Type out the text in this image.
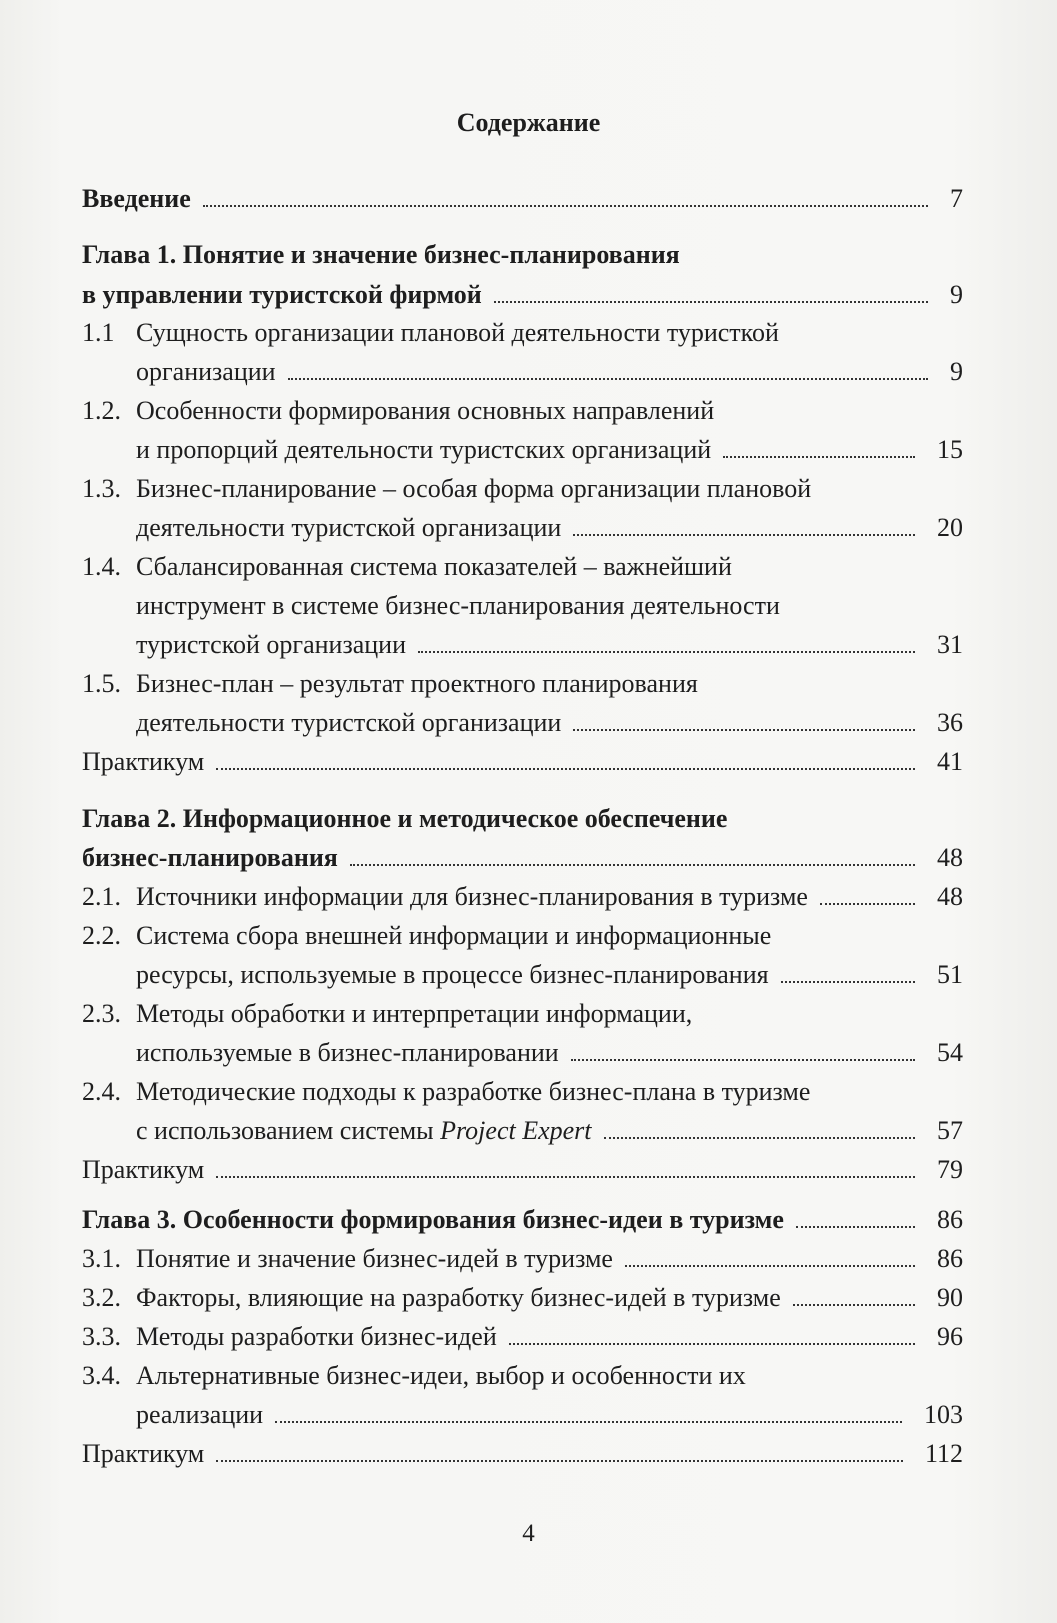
Содержание
Введение	7
Глава 1. Понятие и значение бизнес-планирования
в управлении туристской фирмой	9
1.1 Сущность организации плановой деятельности туристкой
организации	9
1.2. Особенности формирования основных направлений
и пропорций деятельности туристских организаций	15
1.3. Бизнес-планирование – особая форма организации плановой
деятельности туристской организации	20
1.4. Сбалансированная система показателей – важнейший
инструмент в системе бизнес-планирования деятельности
туристской организации	31
1.5. Бизнес-план – результат проектного планирования
деятельности туристской организации	36
Практикум	41
Глава 2. Информационное и методическое обеспечение
бизнес-планирования	48
2.1. Источники информации для бизнес-планирования в туризме	48
2.2. Система сбора внешней информации и информационные
ресурсы, используемые в процессе бизнес-планирования	51
2.3. Методы обработки и интерпретации информации,
используемые в бизнес-планировании	54
2.4. Методические подходы к разработке бизнес-плана в туризме
с использованием системы Project Expert	57
Практикум	79
Глава 3. Особенности формирования бизнес-идеи в туризме	86
3.1. Понятие и значение бизнес-идей в туризме	86
3.2. Факторы, влияющие на разработку бизнес-идей в туризме	90
3.3. Методы разработки бизнес-идей	96
3.4. Альтернативные бизнес-идеи, выбор и особенности их
реализации	103
Практикум	112
4
